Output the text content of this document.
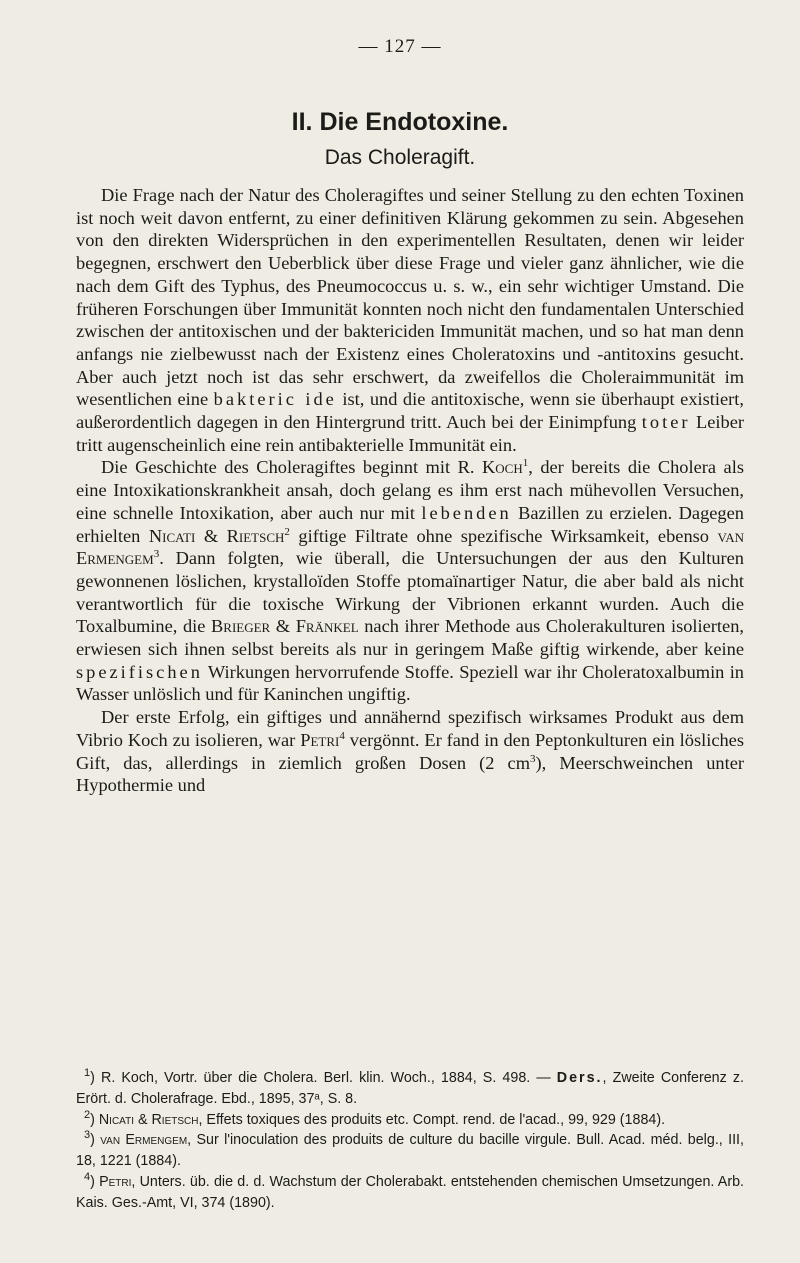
— 127 —
II. Die Endotoxine.
Das Choleragift.

Die Frage nach der Natur des Choleragiftes und seiner Stellung zu den echten Toxinen ist noch weit davon entfernt, zu einer definitiven Klärung gekommen zu sein. Abgesehen von den direkten Widersprüchen in den experimentellen Resultaten, denen wir leider begegnen, erschwert den Ueberblick über diese Frage und vieler ganz ähnlicher, wie die nach dem Gift des Typhus, des Pneumococcus u. s. w., ein sehr wichtiger Umstand. Die früheren Forschungen über Immunität konnten noch nicht den fundamentalen Unterschied zwischen der antitoxischen und der baktericiden Immunität machen, und so hat man denn anfangs nie zielbewusst nach der Existenz eines Choleratoxins und -antitoxins gesucht. Aber auch jetzt noch ist das sehr erschwert, da zweifellos die Choleraimmunität im wesentlichen eine bakteric ide ist, und die antitoxische, wenn sie überhaupt existiert, außerordentlich dagegen in den Hintergrund tritt. Auch bei der Einimpfung toter Leiber tritt augenscheinlich eine rein antibakterielle Immunität ein.

Die Geschichte des Choleragiftes beginnt mit R. Koch$^1$, der bereits die Cholera als eine Intoxikationskrankheit ansah, doch gelang es ihm erst nach mühevollen Versuchen, eine schnelle Intoxikation, aber auch nur mit lebenden Bazillen zu erzielen. Dagegen erhielten Nicati & Rietsch$^2$ giftige Filtrate ohne spezifische Wirksamkeit, ebenso van Ermengem$^3$. Dann folgten, wie überall, die Untersuchungen der aus den Kulturen gewonnenen löslichen, krystalloïden Stoffe ptomaïnartiger Natur, die aber bald als nicht verantwortlich für die toxische Wirkung der Vibrionen erkannt wurden. Auch die Toxalbumine, die Brieger & Fränkel nach ihrer Methode aus Cholerakulturen isolierten, erwiesen sich ihnen selbst bereits als nur in geringem Maße giftig wirkende, aber keine spezifischen Wirkungen hervorrufende Stoffe. Speziell war ihr Choleratoxalbumin in Wasser unlöslich und für Kaninchen ungiftig.

Der erste Erfolg, ein giftiges und annähernd spezifisch wirksames Produkt aus dem Vibrio Koch zu isolieren, war Petri$^4$ vergönnt. Er fand in den Peptonkulturen ein lösliches Gift, das, allerdings in ziemlich großen Dosen (2 $cm^3$), Meerschweinchen unter Hypothermie und

$^1$) R. Koch, Vortr. über die Cholera. Berl. klin. Woch., 1884, S. 498. — Ders., Zweite Conferenz z. Erört. d. Cholerafrage. Ebd., 1895, 37ᵃ, S. 8.

$^2$) Nicati & Rietsch, Effets toxiques des produits etc. Compt. rend. de l'acad., 99, 929 (1884).

$^3$) van Ermengem, Sur l'inoculation des produits de culture du bacille virgule. Bull. Acad. méd. belg., III, 18, 1221 (1884).

$^4$) Petri, Unters. üb. die d. d. Wachstum der Cholerabakt. entstehenden chemischen Umsetzungen. Arb. Kais. Ges.-Amt, VI, 374 (1890).
